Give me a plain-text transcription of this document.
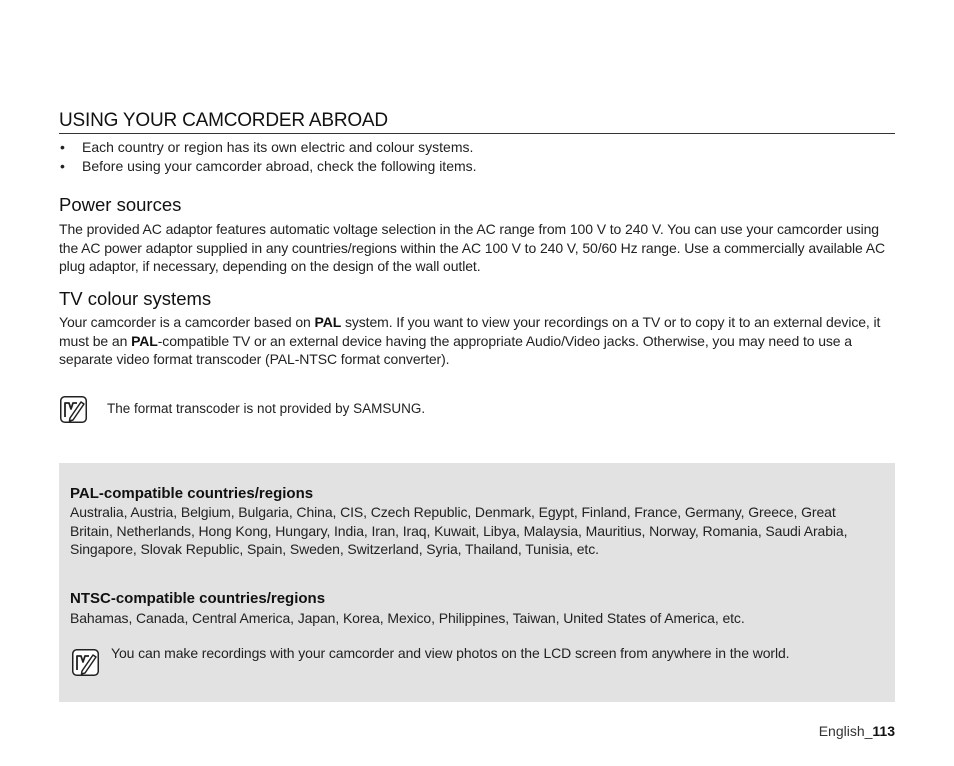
USING YOUR CAMCORDER ABROAD
• Each country or region has its own electric and colour systems.
• Before using your camcorder abroad, check the following items.
Power sources
The provided AC adaptor features automatic voltage selection in the AC range from 100 V to 240 V. You can use your camcorder using the AC power adaptor supplied in any countries/regions within the AC 100 V to 240 V, 50/60 Hz range. Use a commercially available AC plug adaptor, if necessary, depending on the design of the wall outlet.
TV colour systems
Your camcorder is a camcorder based on PAL system. If you want to view your recordings on a TV or to copy it to an external device, it must be an PAL-compatible TV or an external device having the appropriate Audio/Video jacks. Otherwise, you may need to use a separate video format transcoder (PAL-NTSC format converter).
The format transcoder is not provided by SAMSUNG.
PAL-compatible countries/regions
Australia, Austria, Belgium, Bulgaria, China, CIS, Czech Republic, Denmark, Egypt, Finland, France, Germany, Greece, Great Britain, Netherlands, Hong Kong, Hungary, India, Iran, Iraq, Kuwait, Libya, Malaysia, Mauritius, Norway, Romania, Saudi Arabia, Singapore, Slovak Republic, Spain, Sweden, Switzerland, Syria, Thailand, Tunisia, etc.
NTSC-compatible countries/regions
Bahamas, Canada, Central America, Japan, Korea, Mexico, Philippines, Taiwan, United States of America, etc.
You can make recordings with your camcorder and view photos on the LCD screen from anywhere in the world.
English_113
